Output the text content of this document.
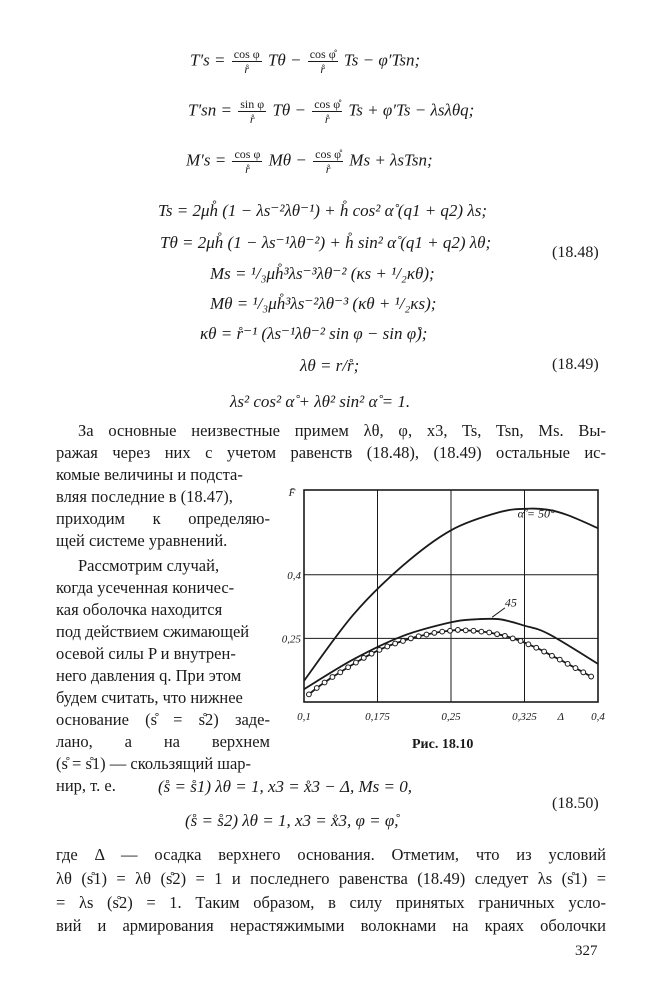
$T's = \frac{\text{cos φ}}{r̊}$ $T\theta - \frac{\text{cos φ̊}}{r̊}$ Ts − φ′Tsn;
$T'sn = \frac{\text{sin φ}}{r̊}$ $T\theta - \frac{\text{cos φ̊}}{r̊}$ Ts + φ′Ts − λsλθq;
$M's = \frac{\text{cos φ}}{r̊}$ $M\theta - \frac{\text{cos φ̊}}{r̊}$ Ms + λsTsn;
Ts = 2μh̊ (1 − λs⁻²λθ⁻¹) + h̊ cos² α̊ (q1 + q2) λs;
Tθ = 2μh̊ (1 − λs⁻¹λθ⁻²) + h̊ sin² α̊ (q1 + q2) λθ;
Ms = ¹/₃μh̊³λs⁻³λθ⁻² (κs + ¹/₂κθ);
Mθ = ¹/₃μh̊³λs⁻²λθ⁻³ (κθ + ¹/₂κs);
κθ = r̊⁻¹ (λs⁻¹λθ⁻² sin φ − sin φ̊);
λθ = r/r̊;
λs² cos² α̊ + λθ² sin² α̊ = 1.
(18.48)
(18.49)
За основные неизвестные примем λθ, φ, x3, Ts, Tsn, Ms. Вы-
ражая через них с учетом равенств (18.48), (18.49) остальные ис-
комые величины и подста-
вляя последние в (18.47),
приходим к определяю-
щей системе уравнений.
Рассмотрим случай,
когда усеченная коничес-
кая оболочка находится
под действием сжимающей
осевой силы P и внутрен-
него давления q. При этом
будем считать, что нижнее
основание (s̊ = s̊2) заде-
лано, а на верхнем
(s̊ = s̊1) — скользящий шар-
нир, т. е.
0,1	0,175	0,25	0,325	0,4
0,25
0,4
F̄
Δ
α̊ = 50°
45
Рис. 18.10
(s̊ = s̊1) λθ = 1, x3 = x̊3 − Δ, Ms = 0,
(s̊ = s̊2) λθ = 1, x3 = x̊3, φ = φ̊,
(18.50)
где Δ — осадка верхнего основания. Отметим, что из условий
λθ (s̊1) = λθ (s̊2) = 1 и последнего равенства (18.49) следует λs (s̊1) =
= λs (s̊2) = 1. Таким образом, в силу принятых граничных усло-
вий и армирования нерастяжимыми волокнами на краях оболочки
327
